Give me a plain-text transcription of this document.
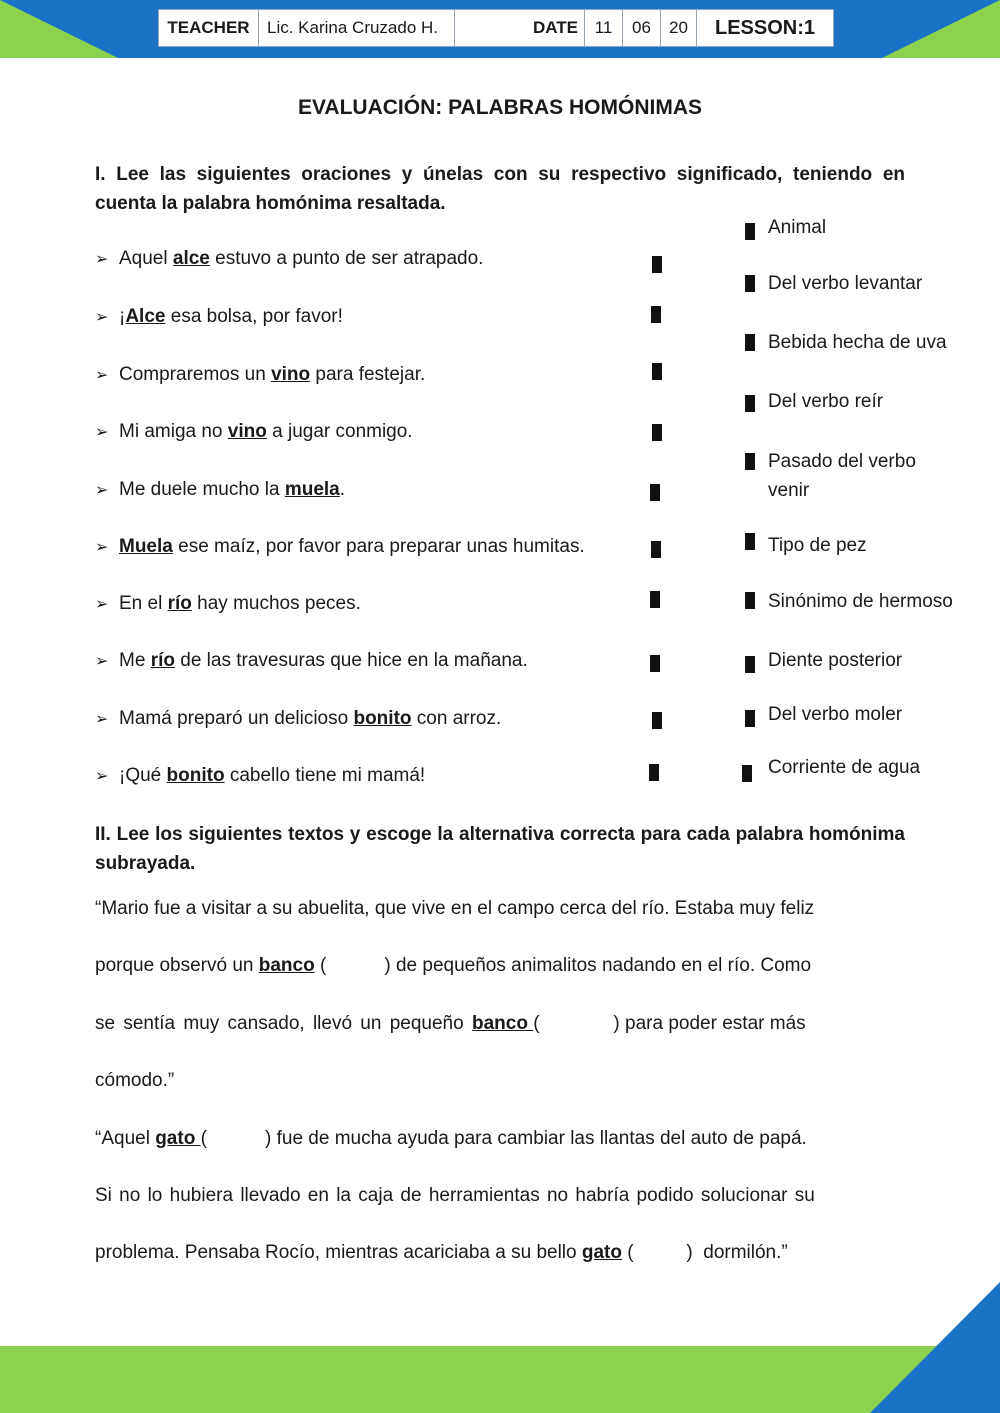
TEACHER	Lic. Karina Cruzado H.	DATE 11	06	20	LESSON:1
EVALUACIÓN: PALABRAS HOMÓNIMAS
I. Lee las siguientes oraciones y únelas con su respectivo significado, teniendo en cuenta la palabra homónima resaltada.
➢ Aquel alce estuvo a punto de ser atrapado.
➢ ¡Alce esa bolsa, por favor!
➢ Compraremos un vino para festejar.
➢ Mi amiga no vino a jugar conmigo.
➢ Me duele mucho la muela.
➢ Muela ese maíz, por favor para preparar unas humitas.
➢ En el río hay muchos peces.
➢ Me río de las travesuras que hice en la mañana.
➢ Mamá preparó un delicioso bonito con arroz.
➢ ¡Qué bonito cabello tiene mi mamá!
Animal
Del verbo levantar
Bebida hecha de uva
Del verbo reír
Pasado del verbo venir
Tipo de pez
Sinónimo de hermoso
Diente posterior
Del verbo moler
Corriente de agua
II. Lee los siguientes textos y escoge la alternativa correcta para cada palabra homónima subrayada.
“Mario fue a visitar a su abuelita, que vive en el campo cerca del río. Estaba muy feliz
porque observó un banco (           ) de pequeños animalitos nadando en el río. Como
se sentía muy cansado, llevó un pequeño banco (              ) para poder estar más
cómodo.”
“Aquel gato (           ) fue de mucha ayuda para cambiar las llantas del auto de papá.
Si no lo hubiera llevado en la caja de herramientas no habría podido solucionar su
problema. Pensaba Rocío, mientras acariciaba a su bello gato (          )  dormilón.”
